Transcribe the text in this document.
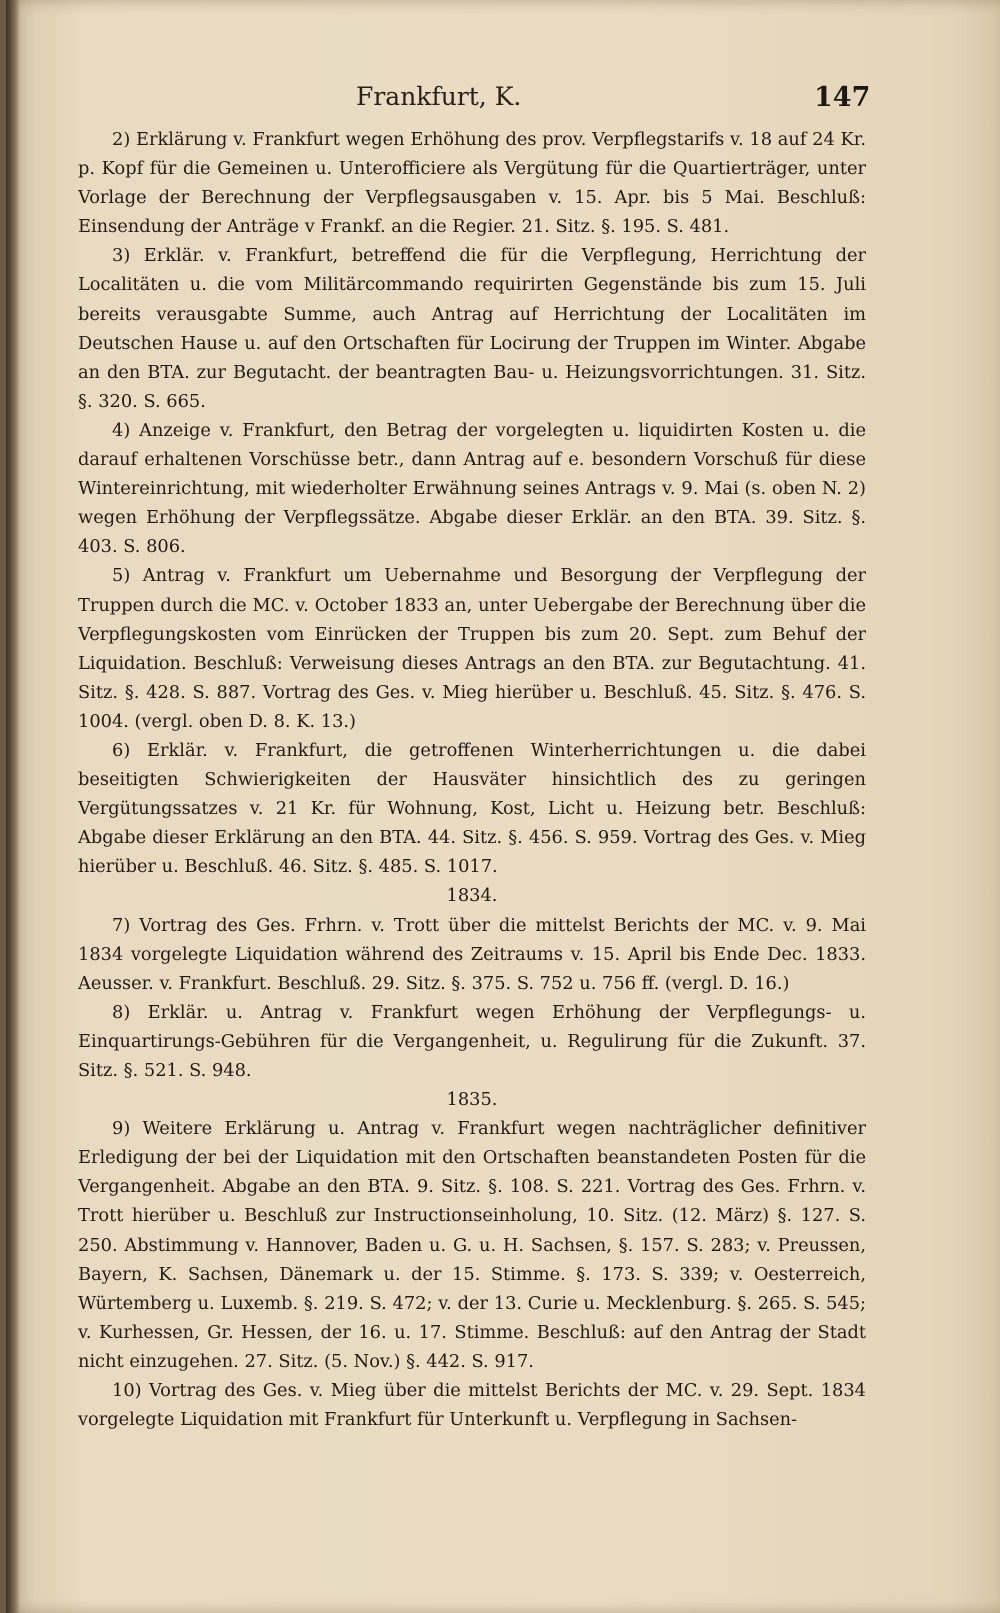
Frankfurt, K.	147

2) Erklärung v. Frankfurt wegen Erhöhung des prov. Verpflegstarifs v. 18 auf 24 Kr. p. Kopf für die Gemeinen u. Unterofficiere als Vergütung für die Quartierträger, unter Vorlage der Berechnung der Verpflegsausgaben v. 15. Apr. bis 5 Mai. Beschluß: Einsendung der Anträge v Frankf. an die Regier. 21. Sitz. §. 195. S. 481.

3) Erklär. v. Frankfurt, betreffend die für die Verpflegung, Herrichtung der Localitäten u. die vom Militärcommando requirirten Gegenstände bis zum 15. Juli bereits verausgabte Summe, auch Antrag auf Herrichtung der Localitäten im Deutschen Hause u. auf den Ortschaften für Locirung der Truppen im Winter. Abgabe an den BTA. zur Begutacht. der beantragten Bau- u. Heizungsvorrichtungen. 31. Sitz. §. 320. S. 665.

4) Anzeige v. Frankfurt, den Betrag der vorgelegten u. liquidirten Kosten u. die darauf erhaltenen Vorschüsse betr., dann Antrag auf e. besondern Vorschuß für diese Wintereinrichtung, mit wiederholter Erwähnung seines Antrags v. 9. Mai (s. oben N. 2) wegen Erhöhung der Verpflegssätze. Abgabe dieser Erklär. an den BTA. 39. Sitz. §. 403. S. 806.

5) Antrag v. Frankfurt um Uebernahme und Besorgung der Verpflegung der Truppen durch die MC. v. October 1833 an, unter Uebergabe der Berechnung über die Verpflegungskosten vom Einrücken der Truppen bis zum 20. Sept. zum Behuf der Liquidation. Beschluß: Verweisung dieses Antrags an den BTA. zur Begutachtung. 41. Sitz. §. 428. S. 887. Vortrag des Ges. v. Mieg hierüber u. Beschluß. 45. Sitz. §. 476. S. 1004. (vergl. oben D. 8. K. 13.)

6) Erklär. v. Frankfurt, die getroffenen Winterherrichtungen u. die dabei beseitigten Schwierigkeiten der Hausväter hinsichtlich des zu geringen Vergütungssatzes v. 21 Kr. für Wohnung, Kost, Licht u. Heizung betr. Beschluß: Abgabe dieser Erklärung an den BTA. 44. Sitz. §. 456. S. 959. Vortrag des Ges. v. Mieg hierüber u. Beschluß. 46. Sitz. §. 485. S. 1017.

1834.

7) Vortrag des Ges. Frhrn. v. Trott über die mittelst Berichts der MC. v. 9. Mai 1834 vorgelegte Liquidation während des Zeitraums v. 15. April bis Ende Dec. 1833. Aeusser. v. Frankfurt. Beschluß. 29. Sitz. §. 375. S. 752 u. 756 ff. (vergl. D. 16.)

8) Erklär. u. Antrag v. Frankfurt wegen Erhöhung der Verpflegungs- u. Einquartirungs-Gebühren für die Vergangenheit, u. Regulirung für die Zukunft. 37. Sitz. §. 521. S. 948.

1835.

9) Weitere Erklärung u. Antrag v. Frankfurt wegen nachträglicher definitiver Erledigung der bei der Liquidation mit den Ortschaften beanstandeten Posten für die Vergangenheit. Abgabe an den BTA. 9. Sitz. §. 108. S. 221. Vortrag des Ges. Frhrn. v. Trott hierüber u. Beschluß zur Instructionseinholung, 10. Sitz. (12. März) §. 127. S. 250. Abstimmung v. Hannover, Baden u. G. u. H. Sachsen, §. 157. S. 283; v. Preussen, Bayern, K. Sachsen, Dänemark u. der 15. Stimme. §. 173. S. 339; v. Oesterreich, Würtemberg u. Luxemb. §. 219. S. 472; v. der 13. Curie u. Mecklenburg. §. 265. S. 545; v. Kurhessen, Gr. Hessen, der 16. u. 17. Stimme. Beschluß: auf den Antrag der Stadt nicht einzugehen. 27. Sitz. (5. Nov.) §. 442. S. 917.

10) Vortrag des Ges. v. Mieg über die mittelst Berichts der MC. v. 29. Sept. 1834 vorgelegte Liquidation mit Frankfurt für Unterkunft u. Verpflegung in Sachsen-
